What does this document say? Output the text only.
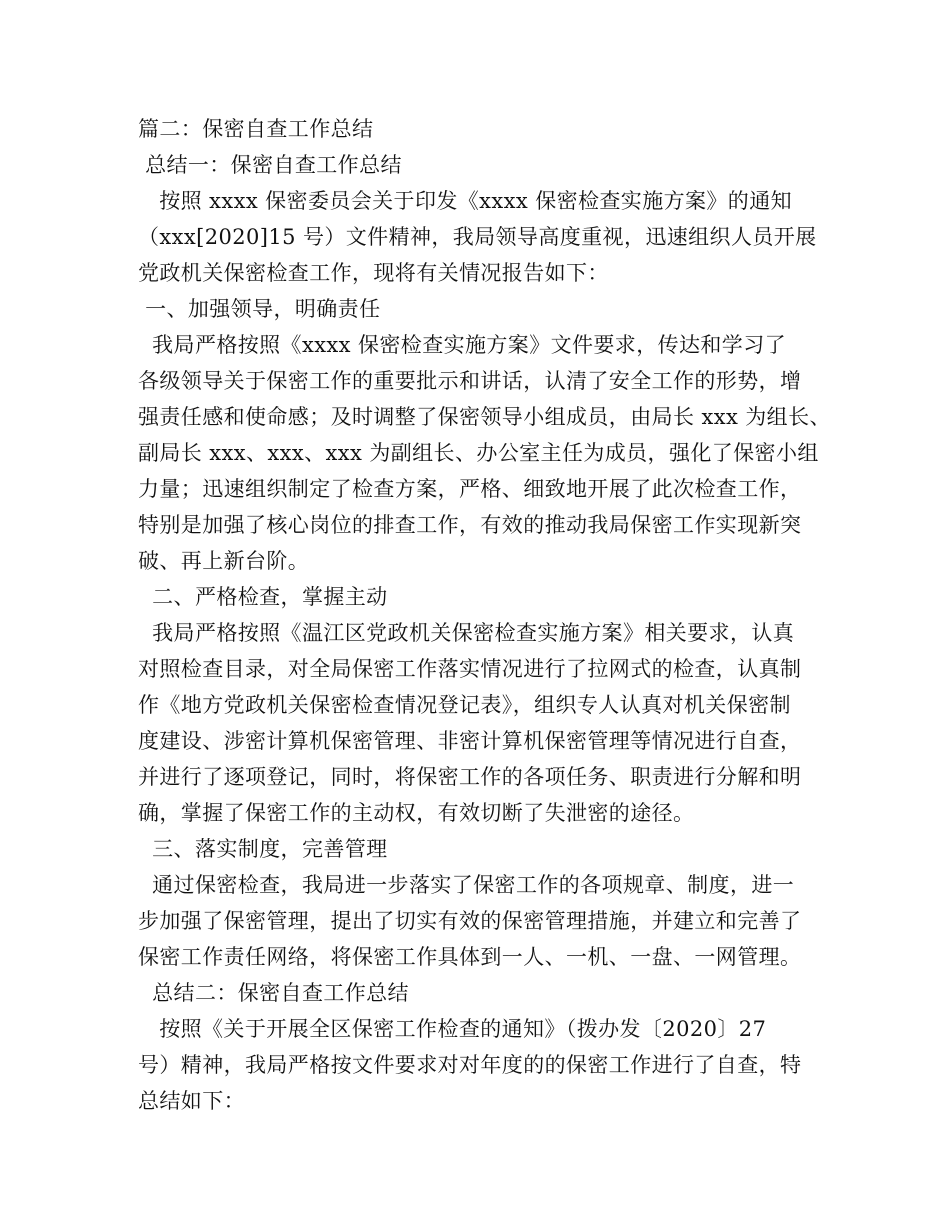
篇二：保密自查工作总结
总结一：保密自查工作总结
按照 xxxx 保密委员会关于印发《xxxx 保密检查实施方案》的通知
（xxx[2020]15 号）文件精神，我局领导高度重视，迅速组织人员开展
党政机关保密检查工作，现将有关情况报告如下：
一、加强领导，明确责任
我局严格按照《xxxx 保密检查实施方案》文件要求，传达和学习了
各级领导关于保密工作的重要批示和讲话，认清了安全工作的形势，增
强责任感和使命感；及时调整了保密领导小组成员，由局长 xxx 为组长、
副局长 xxx、xxx、xxx 为副组长、办公室主任为成员，强化了保密小组
力量；迅速组织制定了检查方案，严格、细致地开展了此次检查工作，
特别是加强了核心岗位的排查工作，有效的推动我局保密工作实现新突
破、再上新台阶。
二、严格检查，掌握主动
我局严格按照《温江区党政机关保密检查实施方案》相关要求，认真
对照检查目录，对全局保密工作落实情况进行了拉网式的检查，认真制
作《地方党政机关保密检查情况登记表》，组织专人认真对机关保密制
度建设、涉密计算机保密管理、非密计算机保密管理等情况进行自查，
并进行了逐项登记，同时，将保密工作的各项任务、职责进行分解和明
确，掌握了保密工作的主动权，有效切断了失泄密的途径。
三、落实制度，完善管理
通过保密检查，我局进一步落实了保密工作的各项规章、制度，进一
步加强了保密管理，提出了切实有效的保密管理措施，并建立和完善了
保密工作责任网络，将保密工作具体到一人、一机、一盘、一网管理。
总结二：保密自查工作总结
按照《关于开展全区保密工作检查的通知》（拨办发〔2020〕27
号）精神，我局严格按文件要求对对年度的的保密工作进行了自查，特
总结如下：
